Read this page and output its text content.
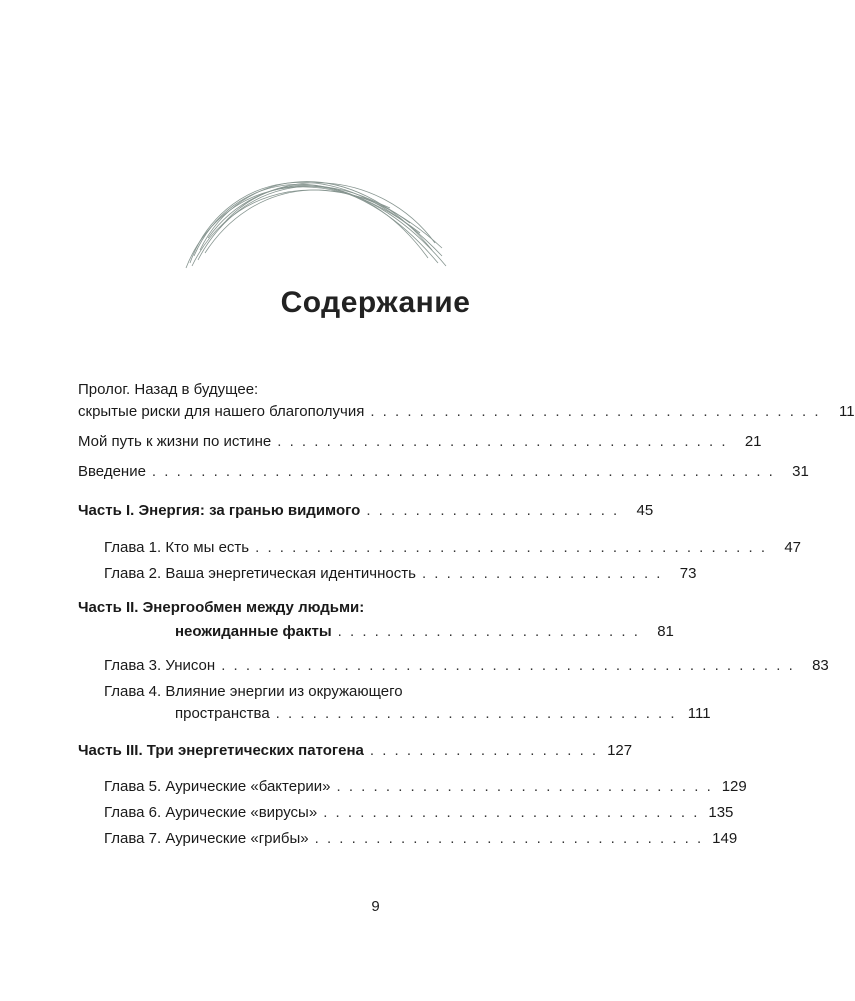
Содержание
Пролог. Назад в будущее:
скрытые риски для нашего благополучия . . . . . . . . . . . . . . . . . . . . . . . . . . . . . . . . . . . . .	11
Мой путь к жизни по истине . . . . . . . . . . . . . . . . . . . . . . . . . . . . . . . . . . . . .	21
Введение . . . . . . . . . . . . . . . . . . . . . . . . . . . . . . . . . . . . . . . . . . . . . . . . . . .	31
Часть I. Энергия: за гранью видимого . . . . . . . . . . . . . . . . . . . . .	45
Глава 1. Кто мы есть . . . . . . . . . . . . . . . . . . . . . . . . . . . . . . . . . . . . . . . . . .	47
Глава 2. Ваша энергетическая идентичность . . . . . . . . . . . . . . . . . . . .	73
Часть II. Энергообмен между людьми:
неожиданные факты . . . . . . . . . . . . . . . . . . . . . . . . .	81
Глава 3. Унисон . . . . . . . . . . . . . . . . . . . . . . . . . . . . . . . . . . . . . . . . . . . . . . .	83
Глава 4. Влияние энергии из окружающего
пространства . . . . . . . . . . . . . . . . . . . . . . . . . . . . . . . . . 111
Часть III. Три энергетических патогена . . . . . . . . . . . . . . . . . . . 127
Глава 5. Аурические «бактерии» . . . . . . . . . . . . . . . . . . . . . . . . . . . . . . . 129
Глава 6. Аурические «вирусы» . . . . . . . . . . . . . . . . . . . . . . . . . . . . . . . 135
Глава 7. Аурические «грибы» . . . . . . . . . . . . . . . . . . . . . . . . . . . . . . . . 149
9
